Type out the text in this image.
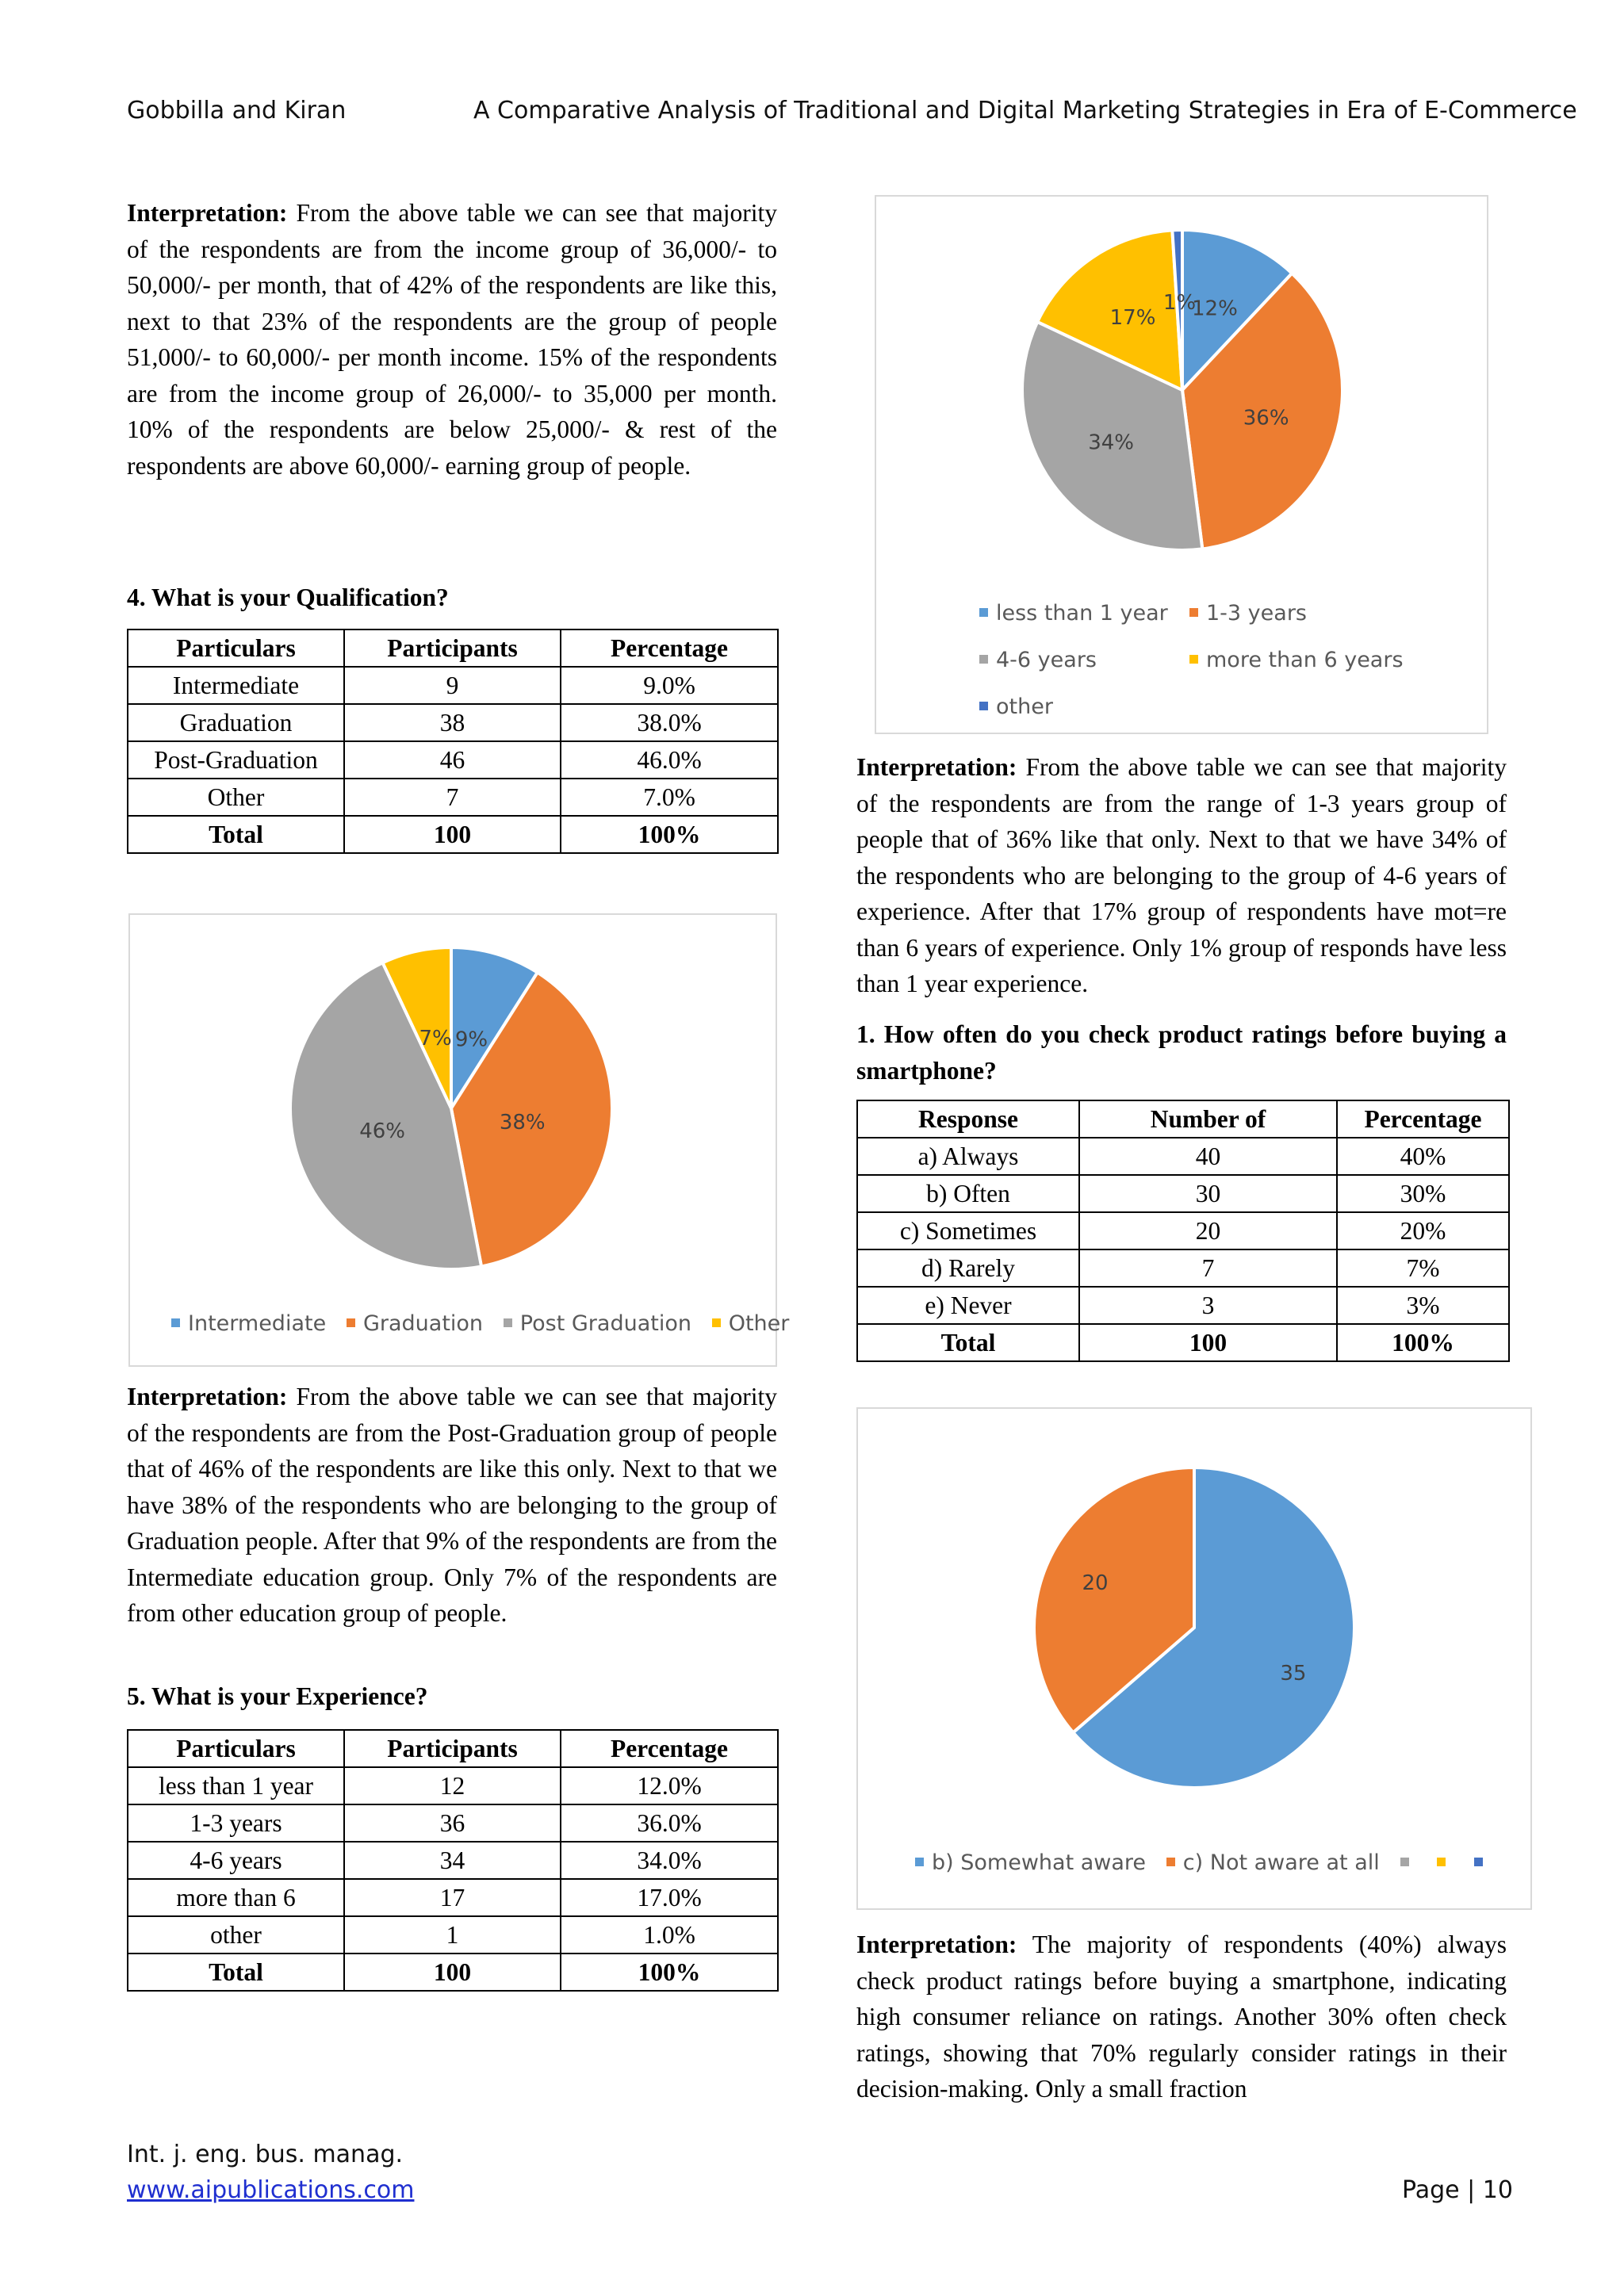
Gobbilla and Kiran	A Comparative Analysis of Traditional and Digital Marketing Strategies in Era of E-Commerce

Interpretation: From the above table we can see that majority of the respondents are from the income group of 36,000/- to 50,000/- per month, that of 42% of the respondents are like this, next to that 23% of the respondents are the group of people 51,000/- to 60,000/- per month income. 15% of the respondents are from the income group of 26,000/- to 35,000 per month. 10% of the respondents are below 25,000/- & rest of the respondents are above 60,000/- earning group of people.

4. What is your Qualification?
Particulars	Participants	Percentage
Intermediate	9	9.0%
Graduation	38	38.0%
Post-Graduation	46	46.0%
Other	7	7.0%
Total	100	100%
9%
38%
46%
7%
Intermediate Graduation Post Graduation Other

Interpretation: From the above table we can see that majority of the respondents are from the Post-Graduation group of people that of 46% of the respondents are like this only. Next to that we have 38% of the respondents who are belonging to the group of Graduation people. After that 9% of the respondents are from the Intermediate education group. Only 7% of the respondents are from other education group of people.

5. What is your Experience?
Particulars	Participants	Percentage
less than 1 year	12	12.0%
1-3 years	36	36.0%
4-6 years	34	34.0%
more than 6	17	17.0%
other	1	1.0%
Total	100	100%
12%
36%
34%
17%
1%
less than 1 year 1-3 years
4-6 years	more than 6 years
other

Interpretation: From the above table we can see that majority of the respondents are from the range of 1-3 years group of people that of 36% like that only. Next to that we have 34% of the respondents who are belonging to the group of 4-6 years of experience. After that 17% group of respondents have mot=re than 6 years of experience. Only 1% group of responds have less than 1 year experience.

1. How often do you check product ratings before buying a smartphone?
Response	Number of	Percentage
a) Always	40	40%
b) Often	30	30%
c) Sometimes	20	20%
d) Rarely	7	7%
e) Never	3	3%
Total	100	100%
35
20
b) Somewhat aware c) Not aware at all

Interpretation: The majority of respondents (40%) always check product ratings before buying a smartphone, indicating high consumer reliance on ratings. Another 30% often check ratings, showing that 70% regularly consider ratings in their decision-making. Only a small fraction

Int. j. eng. bus. manag.
www.aipublications.com	Page | 10
